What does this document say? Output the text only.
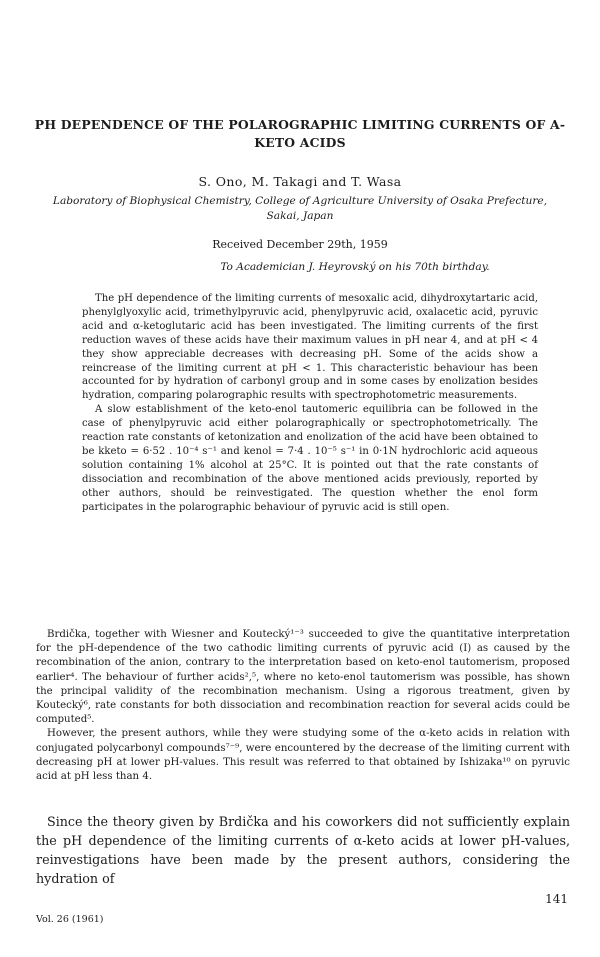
PH DEPENDENCE OF THE POLAROGRAPHIC LIMITING CURRENTS OF Α-KETO ACIDS
S. Ono, M. Takagi and T. Wasa
Laboratory of Biophysical Chemistry, College of Agriculture University of Osaka Prefecture, Sakai, Japan
Received December 29th, 1959
To Academician J. Heyrovský on his 70th birthday.

The pH dependence of the limiting currents of mesoxalic acid, dihydroxytartaric acid, phenylglyoxylic acid, trimethylpyruvic acid, phenylpyruvic acid, oxalacetic acid, pyruvic acid and α-ketoglutaric acid has been investigated. The limiting currents of the first reduction waves of these acids have their maximum values in pH near 4, and at pH < 4 they show appreciable decreases with decreasing pH. Some of the acids show a reincrease of the limiting current at pH < 1. This characteristic behaviour has been accounted for by hydration of carbonyl group and in some cases by enolization besides hydration, comparing polarographic results with spectrophotometric measurements.

A slow establishment of the keto-enol tautomeric equilibria can be followed in the case of phenylpyruvic acid either polarographically or spectrophotometrically. The reaction rate constants of ketonization and enolization of the acid have been obtained to be kketo = 6·52 . 10⁻⁴ s⁻¹ and kenol = 7·4 . 10⁻⁵ s⁻¹ in 0·1N hydrochloric acid aqueous solution containing 1% alcohol at 25°C. It is pointed out that the rate constants of dissociation and recombination of the above mentioned acids previously, reported by other authors, should be reinvestigated. The question whether the enol form participates in the polarographic behaviour of pyruvic acid is still open.

Brdička, together with Wiesner and Koutecký¹⁻³ succeeded to give the quantitative interpretation for the pH-dependence of the two cathodic limiting currents of pyruvic acid (I) as caused by the recombination of the anion, contrary to the interpretation based on keto-enol tautomerism, proposed earlier⁴. The behaviour of further acids²,⁵, where no keto-enol tautomerism was possible, has shown the principal validity of the recombination mechanism. Using a rigorous treatment, given by Koutecký⁶, rate constants for both dissociation and recombination reaction for several acids could be computed⁵.

However, the present authors, while they were studying some of the α-keto acids in relation with conjugated polycarbonyl compounds⁷⁻⁹, were encountered by the decrease of the limiting current with decreasing pH at lower pH-values. This result was referred to that obtained by Ishizaka¹⁰ on pyruvic acid at pH less than 4.

Since the theory given by Brdička and his coworkers did not sufficiently explain the pH dependence of the limiting currents of α-keto acids at lower pH-values, reinvestigations have been made by the present authors, considering the hydration of

Vol. 26 (1961)
141
